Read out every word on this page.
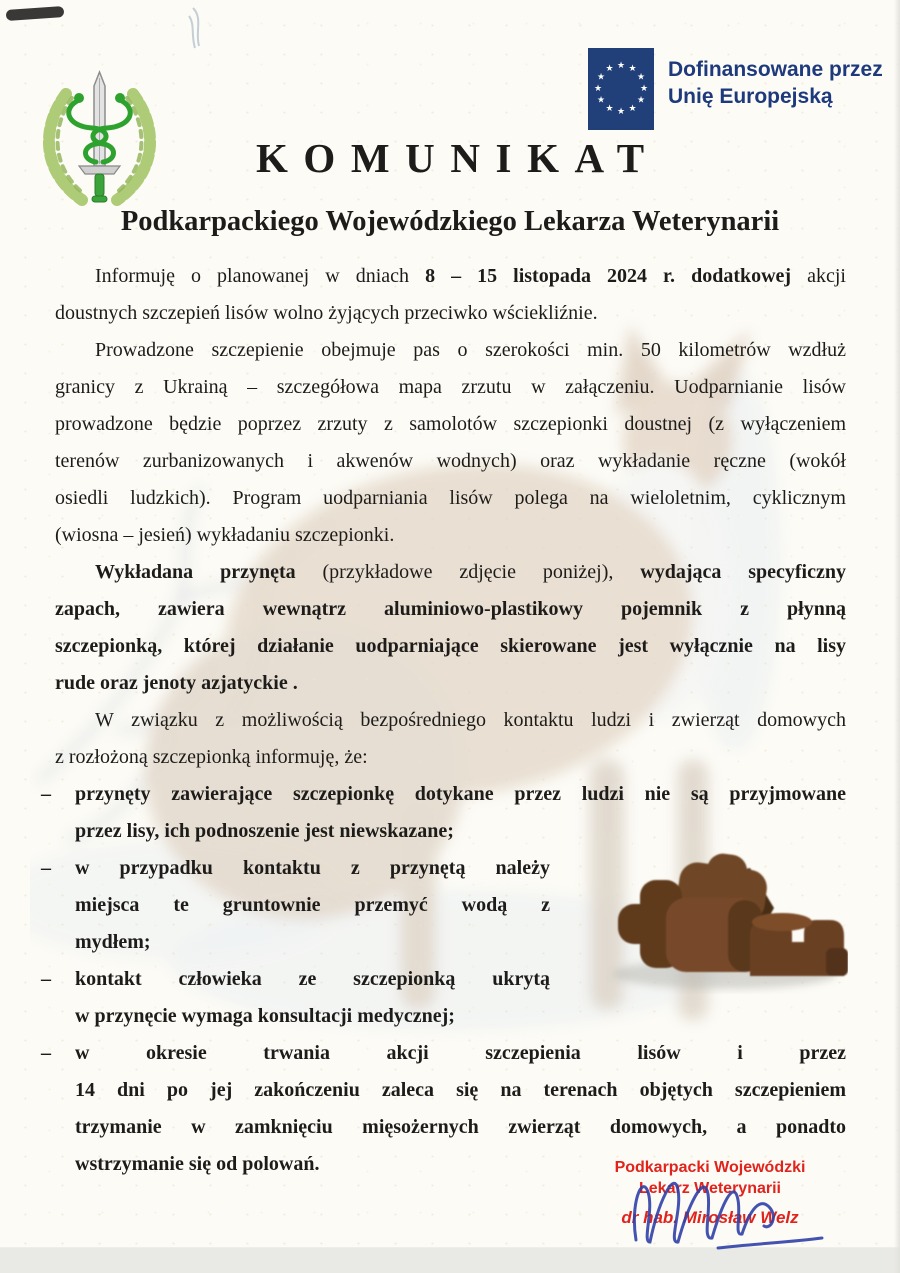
★ ★
★
★
★
★
★
★
★
★
★
★	Dofinansowane przez
Unię Europejską
KOMUNIKAT
Podkarpackiego Wojewódzkiego Lekarza Weterynarii
Informuję o planowanej w dniach 8 – 15 listopada 2024 r. dodatkowej akcji
doustnych szczepień lisów wolno żyjących przeciwko wściekliźnie.
Prowadzone szczepienie obejmuje pas o szerokości min. 50 kilometrów wzdłuż
granicy z Ukrainą – szczegółowa mapa zrzutu w załączeniu. Uodparnianie lisów
prowadzone będzie poprzez zrzuty z samolotów szczepionki doustnej (z wyłączeniem
terenów zurbanizowanych i akwenów wodnych) oraz wykładanie ręczne (wokół
osiedli ludzkich). Program uodparniania lisów polega na wieloletnim, cyklicznym
(wiosna – jesień) wykładaniu szczepionki.
Wykładana przynęta (przykładowe zdjęcie poniżej), wydająca specyficzny
zapach, zawiera wewnątrz aluminiowo-plastikowy pojemnik z płynną
szczepionką, której działanie uodparniające skierowane jest wyłącznie na lisy
rude oraz jenoty azjatyckie .
W związku z możliwością bezpośredniego kontaktu ludzi i zwierząt domowych
z rozłożoną szczepionką informuję, że:
–	przynęty zawierające szczepionkę dotykane przez ludzi nie są przyjmowane
przez lisy, ich podnoszenie jest niewskazane;
–	w przypadku kontaktu z przynętą należy
miejsca te gruntownie przemyć wodą z
mydłem;
–	kontakt człowieka ze szczepionką ukrytą
w przynęcie wymaga konsultacji medycznej;
–	w okresie trwania akcji szczepienia lisów i przez
14 dni po jej zakończeniu zaleca się na terenach objętych szczepieniem
trzymanie w zamknięciu mięsożernych zwierząt domowych, a ponadto
wstrzymanie się od polowań.	Podkarpacki Wojewódzki
Lekarz Weterynarii
dr hab. Mirosław Welz
